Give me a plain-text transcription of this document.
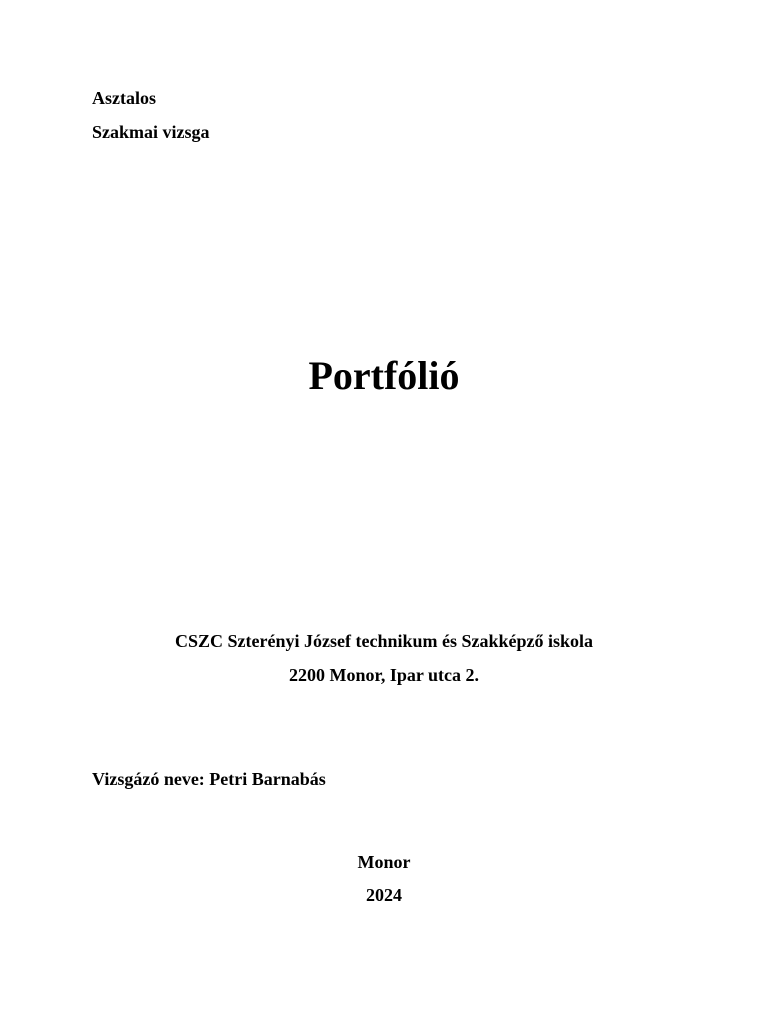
Asztalos
Szakmai vizsga
Portfólió
CSZC Szterényi József technikum és Szakképző iskola
2200 Monor, Ipar utca 2.
Vizsgázó neve: Petri Barnabás
Monor
2024
